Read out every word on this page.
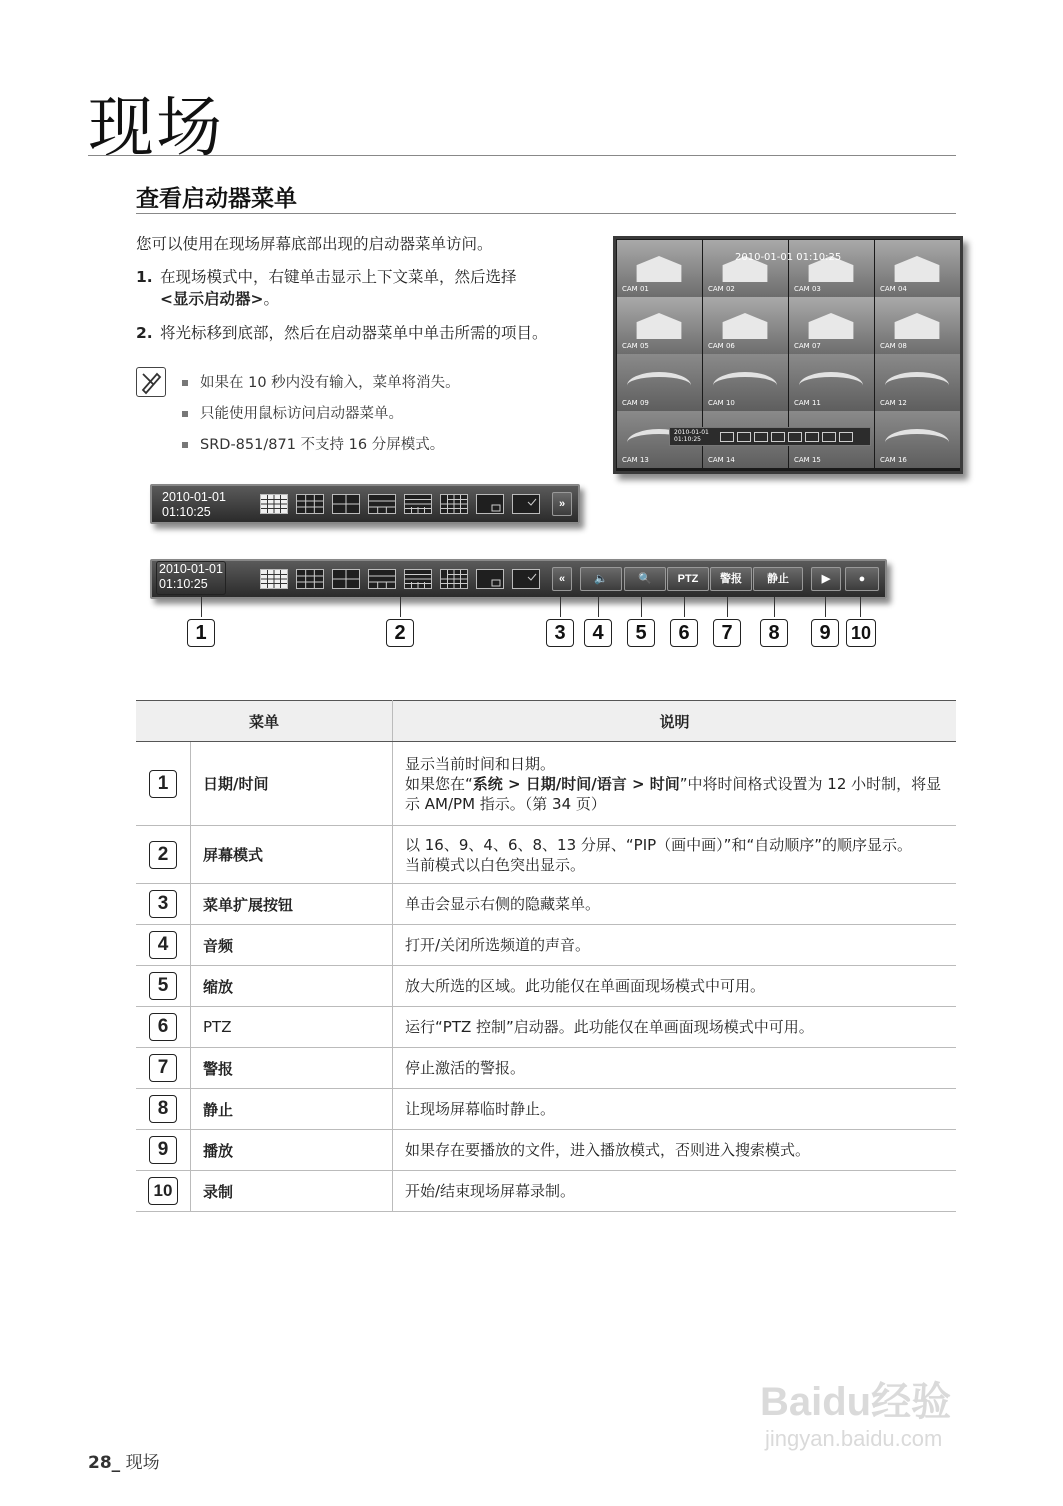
现场
查看启动器菜单
您可以使用在现场屏幕底部出现的启动器菜单访问。
1. 在现场模式中，右键单击显示上下文菜单，然后选择
<显示启动器>。
2. 将光标移到底部，然后在启动器菜单中单击所需的项目。
如果在 10 秒内没有输入，菜单将消失。
只能使用鼠标访问启动器菜单。
SRD-851/871 不支持 16 分屏模式。
CAM 01	CAM 02	CAM 03	CAM 04
CAM 05	CAM 06	CAM 07	CAM 08
CAM 09	CAM 10	CAM 11	CAM 12
CAM 13	CAM 14	CAM 15	CAM 16
2010-01-01 01:10:25
2010-01-01
01:10:25
2010-01-01
01:10:25
»
2010-01-01
01:10:25	«	🔈	🔍	PTZ	警报	静止	▶	●
1	2	3	4	5	6	7	8	9	10
菜单		说明
1	日期/时间	显示当前时间和日期。
如果您在“系统 > 日期/时间/语言 > 时间”中将时间格式设置为 12 小时制，将显示 AM/PM 指示。（第 34 页）

2	屏幕模式	以 16、9、4、6、8、13 分屏、“PIP（画中画）”和“自动顺序”的顺序显示。
当前模式以白色突出显示。

3	菜单扩展按钮	单击会显示右侧的隐藏菜单。
4	音频	打开/关闭所选频道的声音。
5	缩放	放大所选的区域。此功能仅在单画面现场模式中可用。
6	PTZ	运行“PTZ 控制”启动器。此功能仅在单画面现场模式中可用。
7	警报	停止激活的警报。
8	静止	让现场屏幕临时静止。
9	播放	如果存在要播放的文件，进入播放模式，否则进入搜索模式。
10	录制	开始/结束现场屏幕录制。
28_ 现场
Baidu经验
jingyan.baidu.com
